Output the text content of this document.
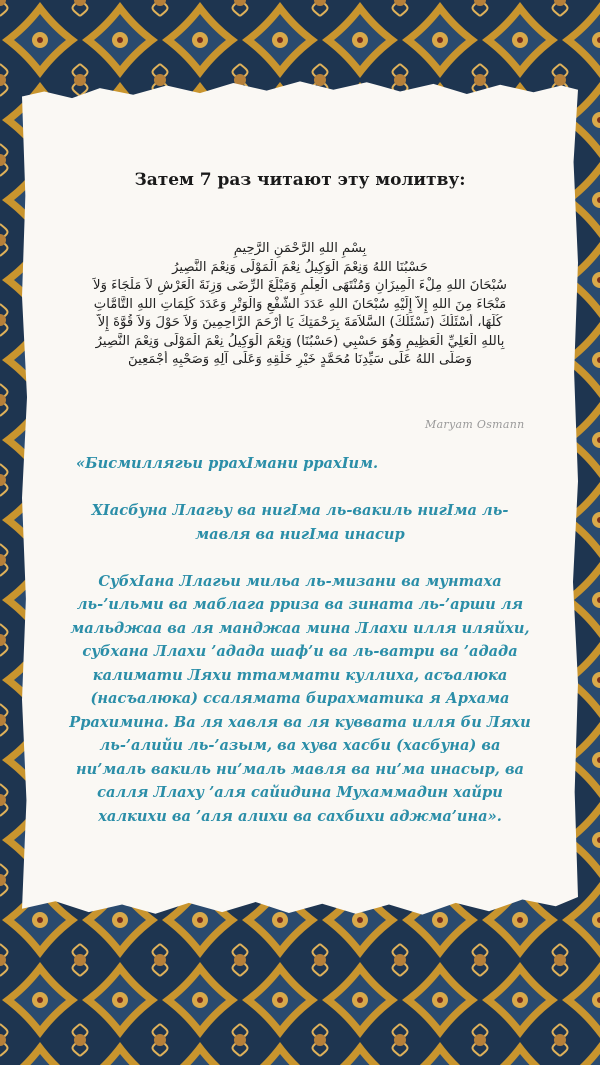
Затем 7 раз читают эту молитву:
بِسْمِ اللهِ الرَّحْمَنِ الرَّحِيمِ
حَسْبُنَا اللهُ وَنِعْمَ الْوَكِيلُ نِعْمَ الْمَوْلَى وَنِعْمَ النَّصِيرُ
سُبْحَانَ اللهِ مِلْءَ الْمِيزَانِ وَمُنْتَهَى الْعِلْمِ وَمَبْلَغَ الرِّضَى وَزِنَةَ الْعَرْشِ لاَ مَلْجَاءَ وَلاَ
مَنْجَاءَ مِنَ اللهِ إِلاَّ إِلَيْهِ سُبْحَانَ اللهِ عَدَدَ الشَّفْعِ وَالْوَتْرِ وَعَدَدَ كَلِمَاتِ اللهِ التَّامَّاتِ
كُلِّهَا، أَسْئَلُكَ (نَسْئَلُكَ) السَّلاَمَةَ بِرَحْمَتِكَ يَا أَرْحَمَ الرَّاحِمِينَ وَلاَ حَوْلَ وَلاَ قُوَّةَ إِلاَّ
بِاللهِ الْعَلِيِّ الْعَظِيمِ وَهُوَ حَسْبِي (حَسْبُنَا) وَنِعْمَ الْوَكِيلُ نِعْمَ الْمَوْلَى وَنِعْمَ النَّصِيرُ
وَصَلَّى اللهُ عَلَى سَيِّدِنَا مُحَمَّدٍ خَيْرِ خَلْقِهِ وَعَلَى آلِهِ وَصَحْبِهِ أَجْمَعِينَ
Maryam Osmann

«Бисмиллягьи ррахIмани ррахIим.

ХIасбуна Ллагьу ва нигIма ль-вакиль нигIма ль-мавля ва нигIма инасир

СубхIана Ллагьи мильа ль-мизани ва мунтаха ль-’ильми ва маблага рриза ва зината ль-’арши ля мальджаа ва ля манджаа мина Ллахи илля иляйхи, субхана Ллахи ’адада шаф’и ва ль-ватри ва ’адада калимати Ляхи ттаммати куллиха, асъалюка (насъалюка) ссалямата бирахматика я Архама Ррахимина. Ва ля хавля ва ля куввата илля би Ляхи ль-’алийи ль-’азым, ва хува хасби (хасбуна) ва ни’маль вакиль ни’маль мавля ва ни’ма инасыр, ва салля Ллаху ’аля сайидина Мухаммадин хайри халкихи ва ’аля алихи ва сахбихи аджма’ина».
